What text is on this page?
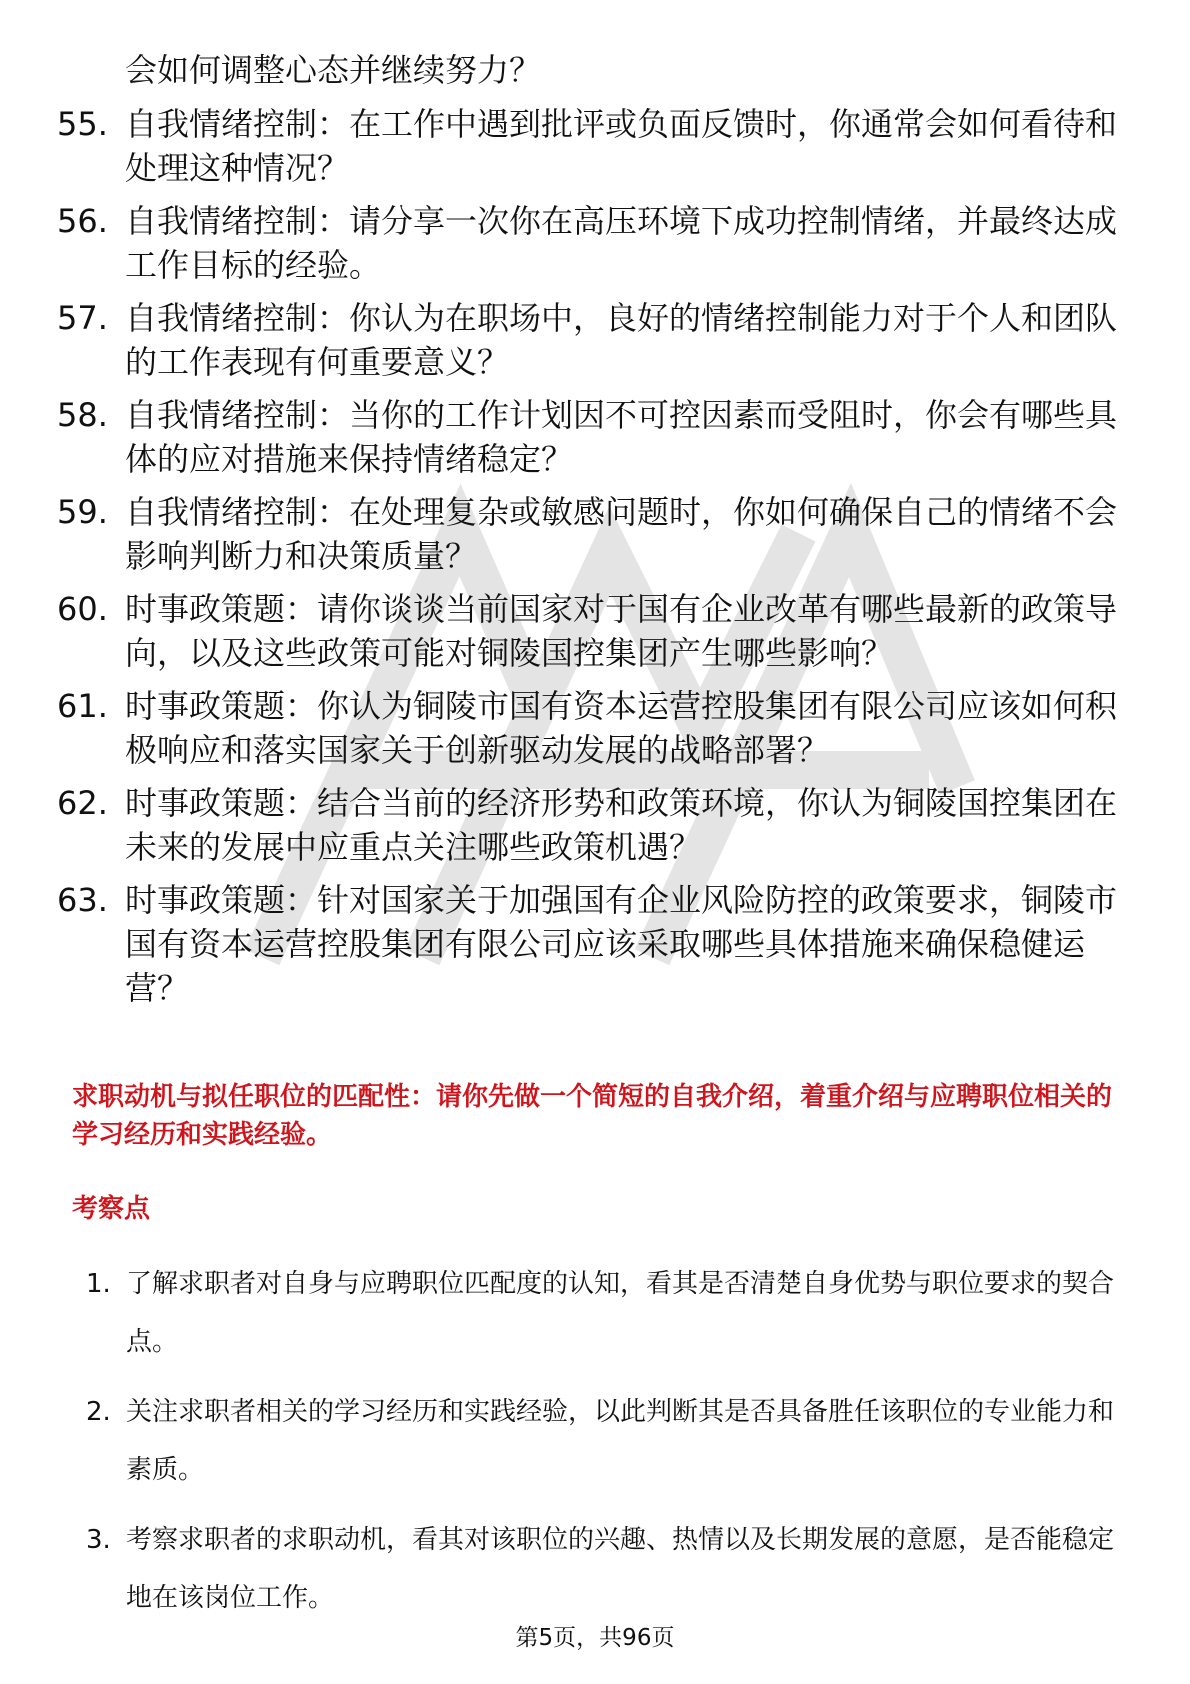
会如何调整心态并继续努力？
55. 自我情绪控制：在工作中遇到批评或负面反馈时，你通常会如何看待和处理这种情况？
56. 自我情绪控制：请分享一次你在高压环境下成功控制情绪，并最终达成工作目标的经验。
57. 自我情绪控制：你认为在职场中，良好的情绪控制能力对于个人和团队的工作表现有何重要意义？
58. 自我情绪控制：当你的工作计划因不可控因素而受阻时，你会有哪些具体的应对措施来保持情绪稳定？
59. 自我情绪控制：在处理复杂或敏感问题时，你如何确保自己的情绪不会影响判断力和决策质量？
60. 时事政策题：请你谈谈当前国家对于国有企业改革有哪些最新的政策导向，以及这些政策可能对铜陵国控集团产生哪些影响？
61. 时事政策题：你认为铜陵市国有资本运营控股集团有限公司应该如何积极响应和落实国家关于创新驱动发展的战略部署？
62. 时事政策题：结合当前的经济形势和政策环境，你认为铜陵国控集团在未来的发展中应重点关注哪些政策机遇？
63. 时事政策题：针对国家关于加强国有企业风险防控的政策要求，铜陵市国有资本运营控股集团有限公司应该采取哪些具体措施来确保稳健运营？
求职动机与拟任职位的匹配性：请你先做一个简短的自我介绍，着重介绍与应聘职位相关的学习经历和实践经验。
考察点
1. 了解求职者对自身与应聘职位匹配度的认知，看其是否清楚自身优势与职位要求的契合点。
2. 关注求职者相关的学习经历和实践经验，以此判断其是否具备胜任该职位的专业能力和素质。
3. 考察求职者的求职动机，看其对该职位的兴趣、热情以及长期发展的意愿，是否能稳定地在该岗位工作。
第5页，共96页
